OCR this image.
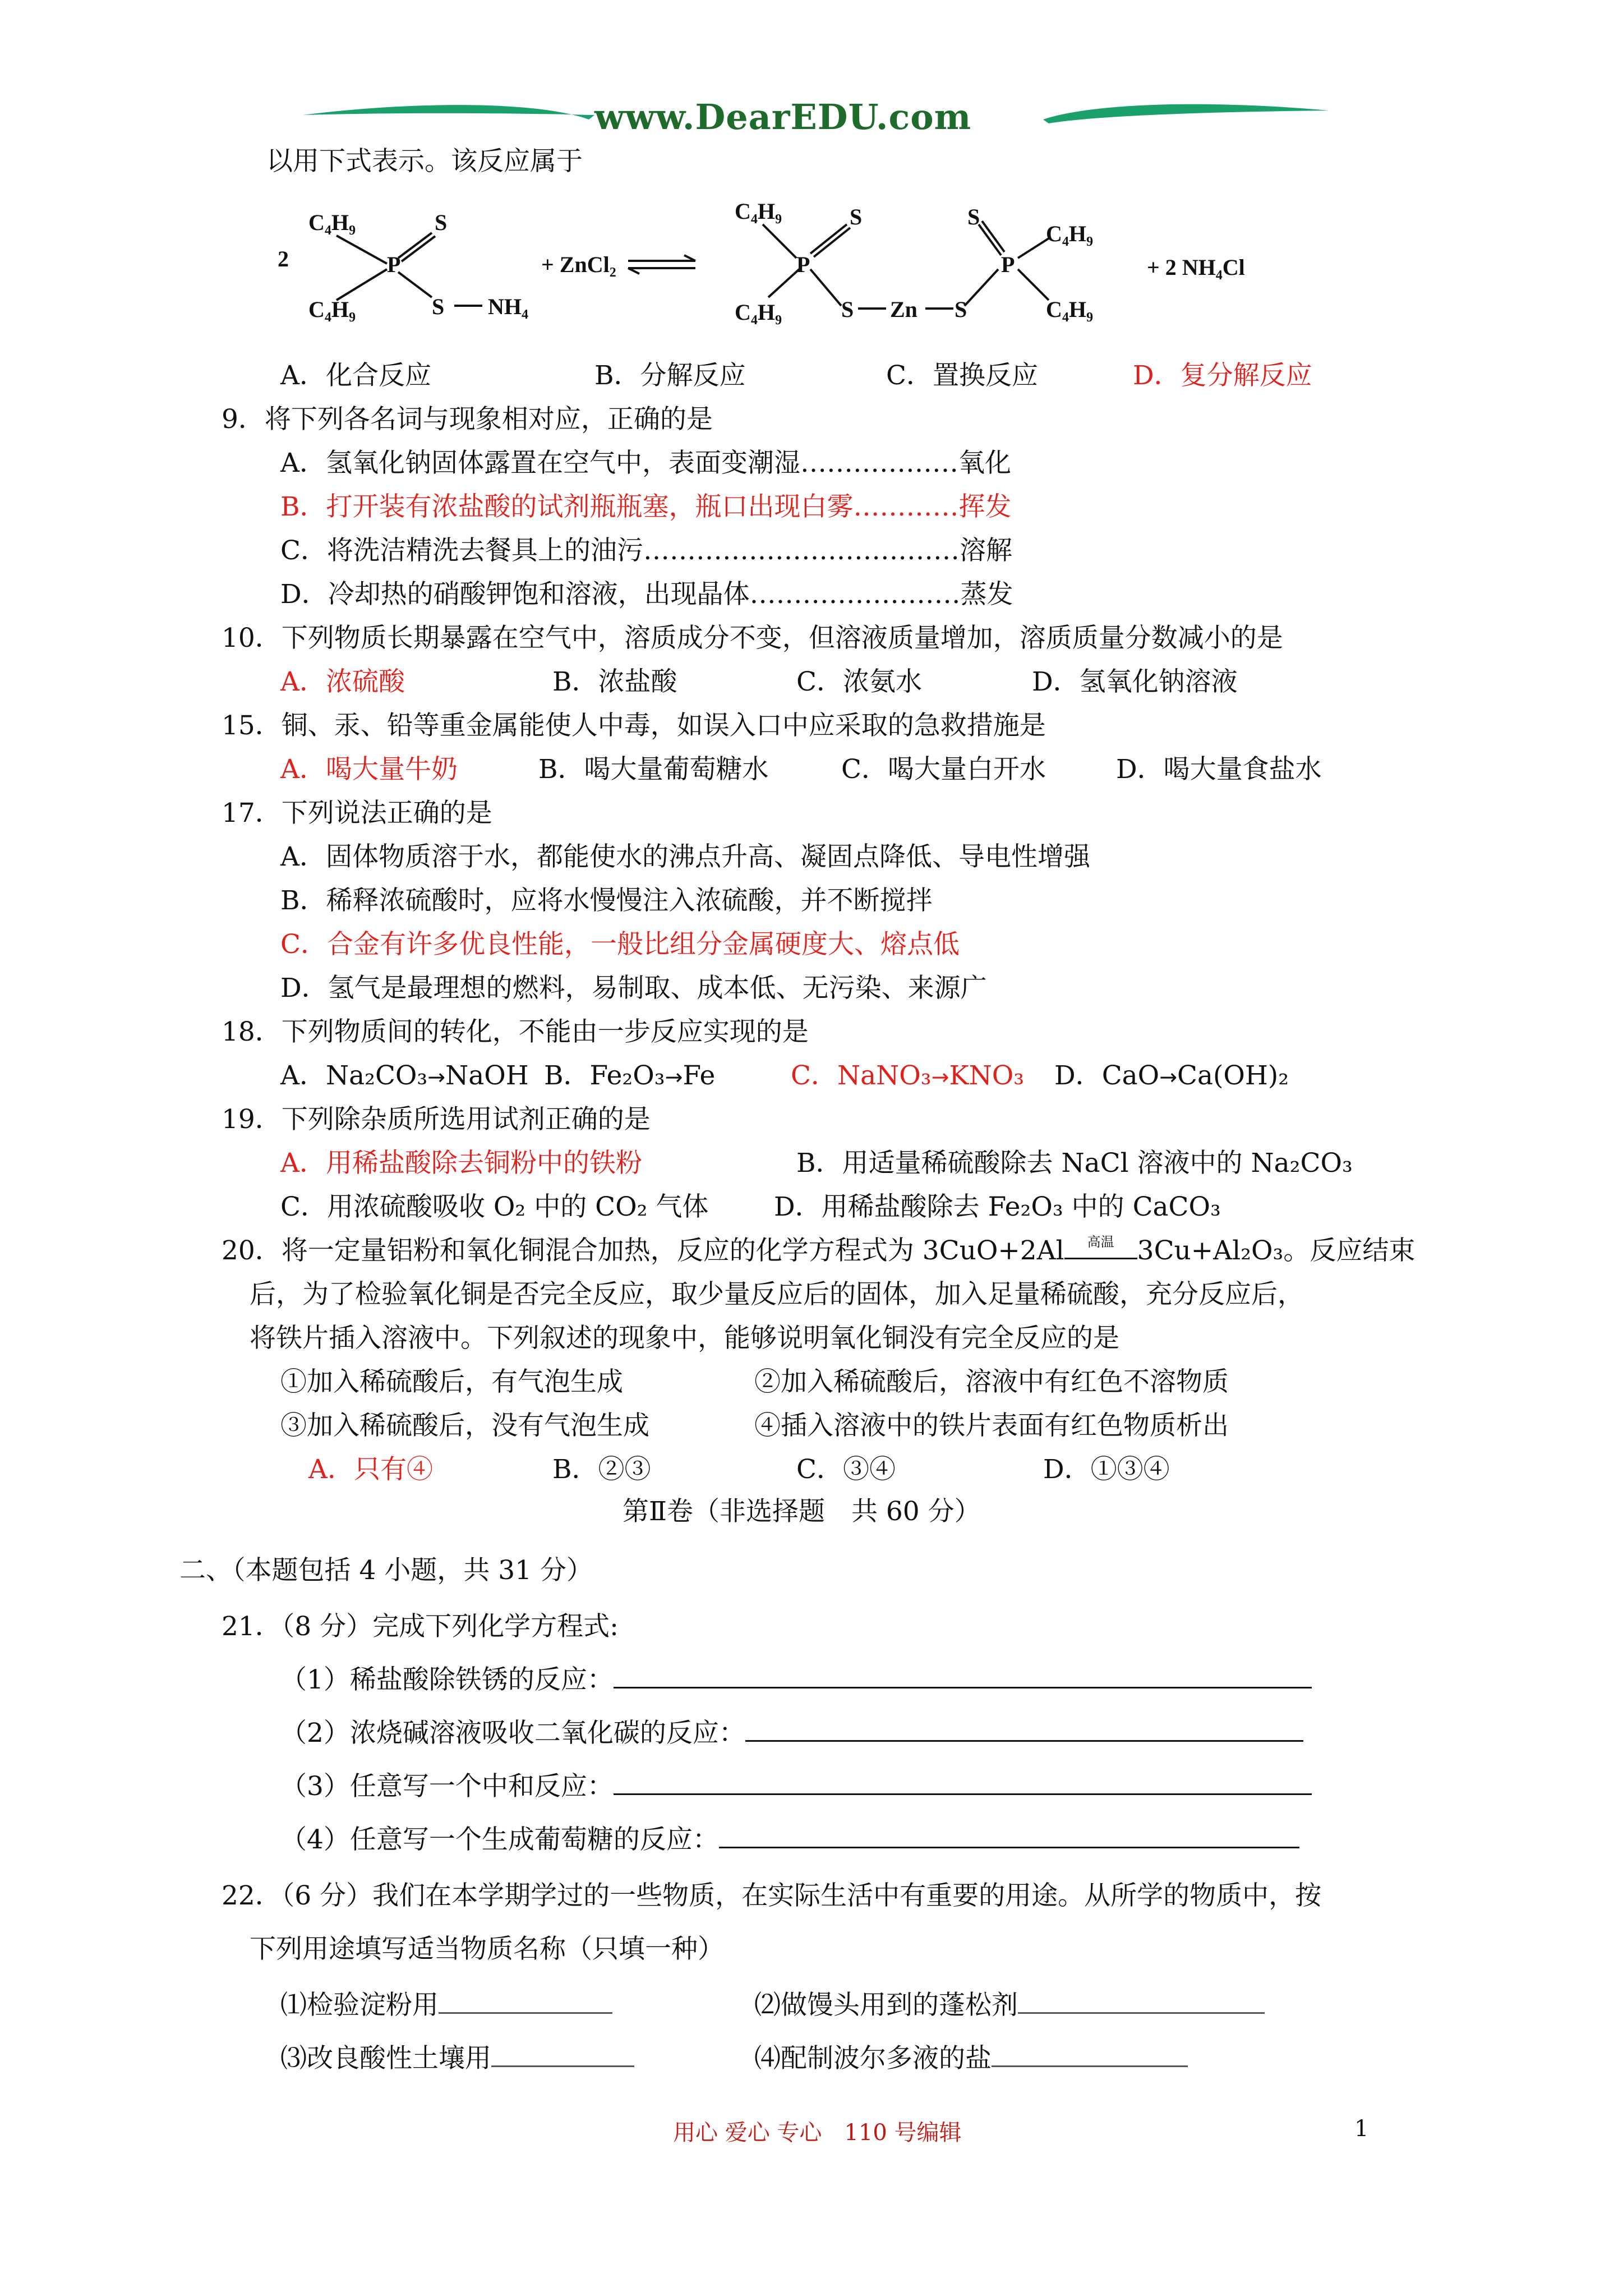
www.DearEDU.com
以用下式表示。该反应属于
2
C₄H₉
C₄H₉
P
S
S NH₄
+ ZnCl₂
C₄H₉
C₄H₉
P
S
S Zn S
S
P
C₄H₉
C₄H₉
+ 2 NH₄Cl
A．化合反应	B．分解反应	C．置换反应	D．复分解反应
9．将下列各名词与现象相对应，正确的是
A．氢氧化钠固体露置在空气中，表面变潮湿………………氧化
B．打开装有浓盐酸的试剂瓶瓶塞，瓶口出现白雾…………挥发
C．将洗洁精洗去餐具上的油污………………………………溶解
D．冷却热的硝酸钾饱和溶液，出现晶体……………………蒸发
10．下列物质长期暴露在空气中，溶质成分不变，但溶液质量增加，溶质质量分数减小的是
A．浓硫酸	B．浓盐酸	C．浓氨水	D．氢氧化钠溶液
15．铜、汞、铅等重金属能使人中毒，如误入口中应采取的急救措施是
A．喝大量牛奶	B．喝大量葡萄糖水	C．喝大量白开水	D．喝大量食盐水
17．下列说法正确的是
A．固体物质溶于水，都能使水的沸点升高、凝固点降低、导电性增强
B．稀释浓硫酸时，应将水慢慢注入浓硫酸，并不断搅拌
C．合金有许多优良性能，一般比组分金属硬度大、熔点低
D．氢气是最理想的燃料，易制取、成本低、无污染、来源广
18．下列物质间的转化，不能由一步反应实现的是
A．Na₂CO₃→NaOH B．Fe₂O₃→Fe	C．NaNO₃→KNO₃ D．CaO→Ca(OH)₂
19．下列除杂质所选用试剂正确的是
A．用稀盐酸除去铜粉中的铁粉	B．用适量稀硫酸除去 NaCl 溶液中的 Na₂CO₃
C．用浓硫酸吸收 O₂ 中的 CO₂ 气体 D．用稀盐酸除去 Fe₂O₃ 中的 CaCO₃
20．将一定量铝粉和氧化铜混合加热，反应的化学方程式为 3CuO+2Al	高温 3Cu+Al₂O₃。反应结束
后，为了检验氧化铜是否完全反应，取少量反应后的固体，加入足量稀硫酸，充分反应后，
将铁片插入溶液中。下列叙述的现象中，能够说明氧化铜没有完全反应的是
①加入稀硫酸后，有气泡生成	②加入稀硫酸后，溶液中有红色不溶物质
③加入稀硫酸后，没有气泡生成	④插入溶液中的铁片表面有红色物质析出
A．只有④	B．②③	C．③④	D．①③④
第Ⅱ卷（非选择题　共 60 分）
二、（本题包括 4 小题，共 31 分）
21．（8 分）完成下列化学方程式:
（1）稀盐酸除铁锈的反应：
（2）浓烧碱溶液吸收二氧化碳的反应：
（3）任意写一个中和反应：
（4）任意写一个生成葡萄糖的反应：
22．（6 分）我们在本学期学过的一些物质，在实际生活中有重要的用途。从所学的物质中，按
下列用途填写适当物质名称（只填一种）
⑴检验淀粉用	⑵做馒头用到的蓬松剂
⑶改良酸性土壤用	⑷配制波尔多液的盐
用心 爱心 专心　110 号编辑	1
